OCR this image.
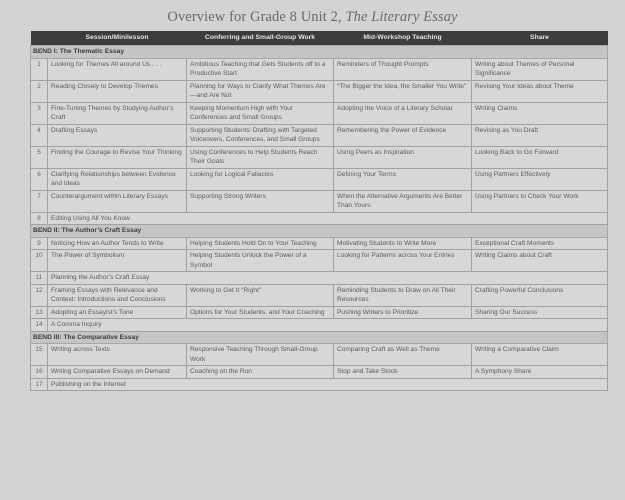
Overview for Grade 8 Unit 2, The Literary Essay
	Session/Minilesson	Conferring and Small-Group Work	Mid-Workshop Teaching	Share
BEND I: The Thematic Essay				
1	Looking for Themes All around Us . . .	Ambitious Teaching that Gets Students off to a Productive Start	Reminders of Thought Prompts	Writing about Themes of Personal Significance
2	Reading Closely to Develop Themes	Planning for Ways to Clarify What Themes Are—and Are Not	“The Bigger the Idea, the Smaller You Write”	Revising Your Ideas about Theme
3	Fine-Tuning Themes by Studying Author’s Craft	Keeping Momentum High with Your Conferences and Small Groups	Adopting the Voice of a Literary Scholar	Writing Claims
4	Drafting Essays	Supporting Students’ Drafting with Targeted Voiceovers, Conferences, and Small Groups	Remembering the Power of Evidence	Revising as You Draft
5	Finding the Courage to Revise Your Thinking	Using Conferences to Help Students Reach Their Goals	Using Peers as Inspiration	Looking Back to Go Forward
6	Clarifying Relationships between Evidence and Ideas	Looking for Logical Fallacies	Defining Your Terms	Using Partners Effectively
7	Counterargument within Literary Essays	Supporting Strong Writers	When the Alternative Arguments Are Better Than Yours	Using Partners to Check Your Work
8	Editing Using All You Know			
BEND II: The Author’s Craft Essay				
9	Noticing How an Author Tends to Write	Helping Students Hold On to Your Teaching	Motivating Students to Write More	Exceptional Craft Moments
10	The Power of Symbolism	Helping Students Unlock the Power of a Symbol	Looking for Patterns across Your Entries	Writing Claims about Craft
11	Planning the Author’s Craft Essay			
12	Framing Essays with Relevance and Context: Introductions and Conclusions	Working to Get It “Right”	Reminding Students to Draw on All Their Resources	Crafting Powerful Conclusions
13	Adopting an Essayist’s Tone	Options for Your Students, and Your Coaching	Pushing Writers to Prioritize	Sharing Our Success
14	A Comma Inquiry			
BEND III: The Comparative Essay				
15	Writing across Texts	Responsive Teaching Through Small-Group Work	Comparing Craft as Well as Theme	Writing a Comparative Claim
16	Writing Comparative Essays on Demand	Coaching on the Run	Stop and Take Stock	A Symphony Share
17	Publishing on the Internet			
